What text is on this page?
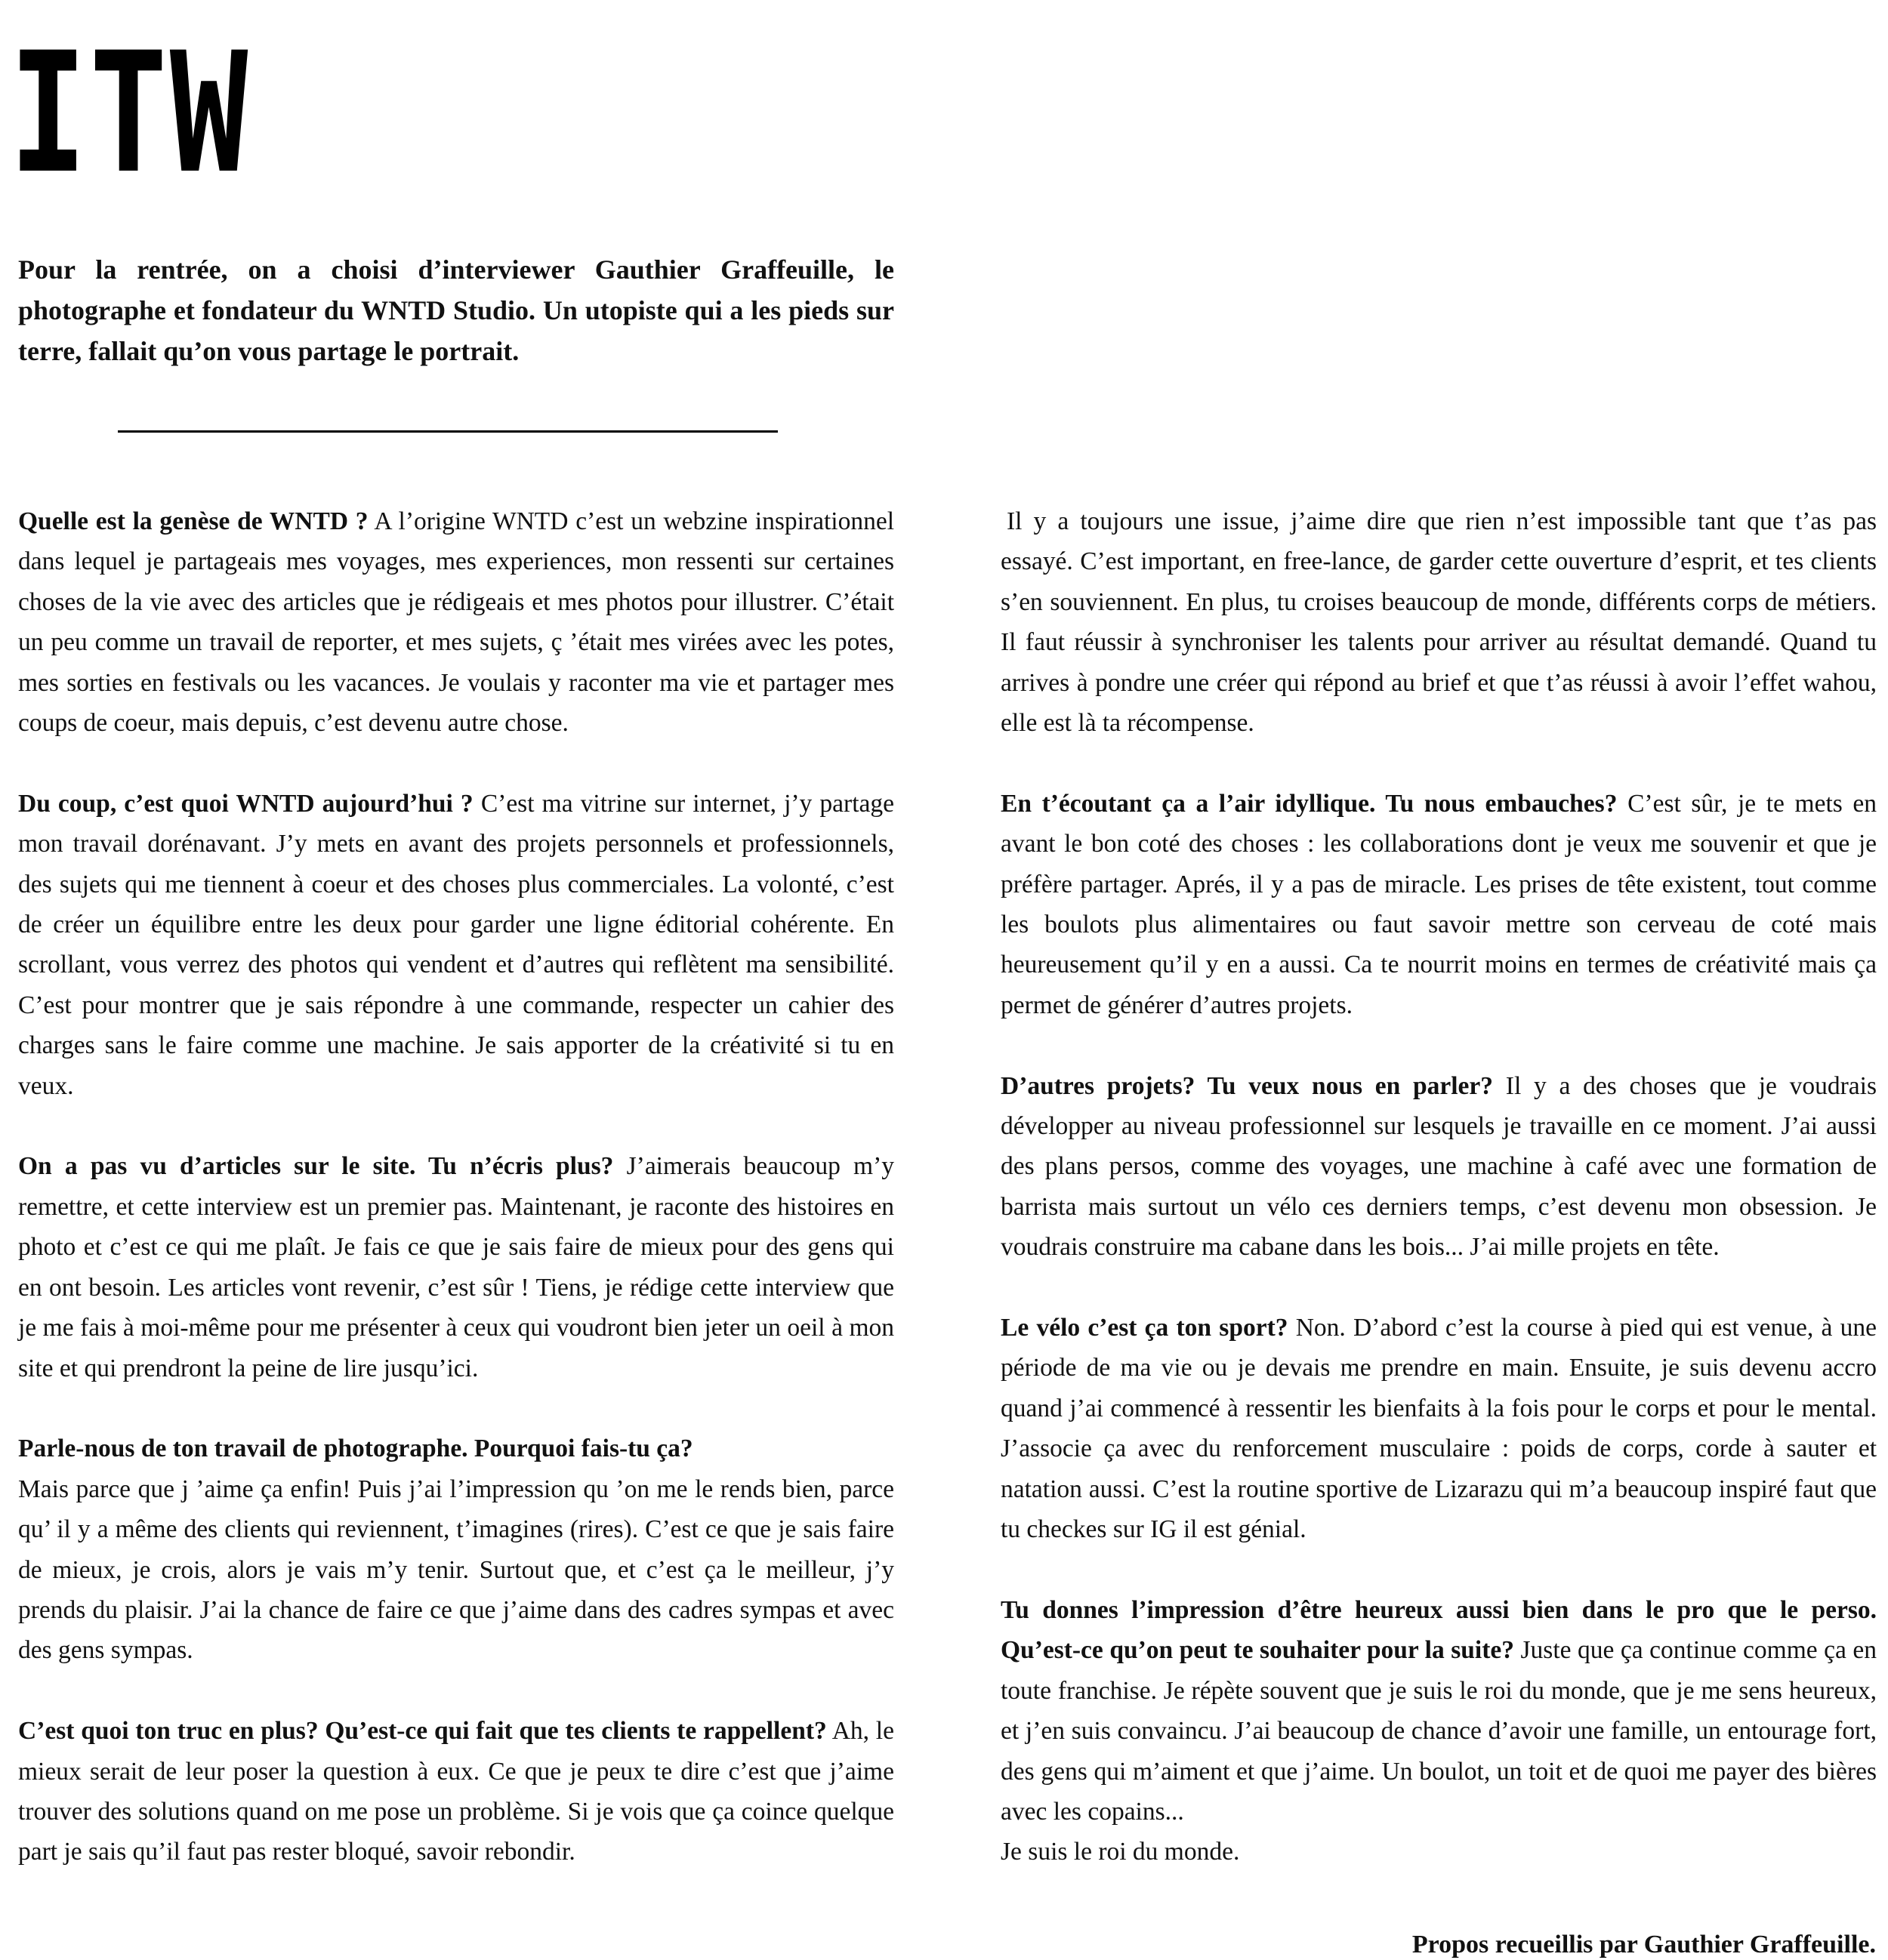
ITW

Pour la rentrée, on a choisi d’interviewer Gauthier Graffeuille, le photographe et fondateur du WNTD Studio. Un utopiste qui a les pieds sur terre, fallait qu’on vous partage le portrait.

Quelle est la genèse de WNTD ? A l’origine WNTD c’est un webzine inspirationnel dans lequel je partageais mes voyages, mes experiences, mon ressenti sur certaines choses de la vie avec des articles que je rédigeais et mes photos pour illustrer. C’était un peu comme un travail de reporter, et mes sujets, ç ’était mes virées avec les potes, mes sorties en festivals ou les vacances. Je voulais y raconter ma vie et partager mes coups de coeur, mais depuis, c’est devenu autre chose.

Du coup, c’est quoi WNTD aujourd’hui ? C’est ma vitrine sur internet, j’y partage mon travail dorénavant. J’y mets en avant des projets personnels et professionnels, des sujets qui me tiennent à coeur et des choses plus commerciales. La volonté, c’est de créer un équilibre entre les deux pour garder une ligne éditorial cohérente. En scrollant, vous verrez des photos qui vendent et d’autres qui reflètent ma sensibilité. C’est pour montrer que je sais répondre à une commande, respecter un cahier des charges sans le faire comme une machine. Je sais apporter de la créativité si tu en veux.

On a pas vu d’articles sur le site. Tu n’écris plus? J’aimerais beaucoup m’y remettre, et cette interview est un premier pas. Maintenant, je raconte des histoires en photo et c’est ce qui me plaît. Je fais ce que je sais faire de mieux pour des gens qui en ont besoin. Les articles vont revenir, c’est sûr ! Tiens, je rédige cette interview que je me fais à moi-même pour me présenter à ceux qui voudront bien jeter un oeil à mon site et qui prendront la peine de lire jusqu’ici.

Parle-nous de ton travail de photographe. Pourquoi fais-tu ça?
Mais parce que j ’aime ça enfin! Puis j’ai l’impression qu ’on me le rends bien, parce qu’ il y a même des clients qui reviennent, t’imagines (rires). C’est ce que je sais faire de mieux, je crois, alors je vais m’y tenir. Surtout que, et c’est ça le meilleur, j’y prends du plaisir. J’ai la chance de faire ce que j’aime dans des cadres sympas et avec des gens sympas.

C’est quoi ton truc en plus? Qu’est-ce qui fait que tes clients te rappellent? Ah, le mieux serait de leur poser la question à eux. Ce que je peux te dire c’est que j’aime trouver des solutions quand on me pose un problème. Si je vois que ça coince quelque part je sais qu’il faut pas rester bloqué, savoir rebondir.

Il y a toujours une issue, j’aime dire que rien n’est impossible tant que t’as pas essayé. C’est important, en free-lance, de garder cette ouverture d’esprit, et tes clients s’en souviennent. En plus, tu croises beaucoup de monde, différents corps de métiers. Il faut réussir à synchroniser les talents pour arriver au résultat demandé. Quand tu arrives à pondre une créer qui répond au brief et que t’as réussi à avoir l’effet wahou, elle est là ta récompense.

En t’écoutant ça a l’air idyllique. Tu nous embauches? C’est sûr, je te mets en avant le bon coté des choses : les collaborations dont je veux me souvenir et que je préfère partager. Aprés, il y a pas de miracle. Les prises de tête existent, tout comme les boulots plus alimentaires ou faut savoir mettre son cerveau de coté mais heureusement qu’il y en a aussi. Ca te nourrit moins en termes de créativité mais ça permet de générer d’autres projets.

D’autres projets? Tu veux nous en parler? Il y a des choses que je voudrais développer au niveau professionnel sur lesquels je travaille en ce moment. J’ai aussi des plans persos, comme des voyages, une machine à café avec une formation de barrista mais surtout un vélo ces derniers temps, c’est devenu mon obsession. Je voudrais construire ma cabane dans les bois... J’ai mille projets en tête.

Le vélo c’est ça ton sport? Non. D’abord c’est la course à pied qui est venue, à une période de ma vie ou je devais me prendre en main. Ensuite, je suis devenu accro quand j’ai commencé à ressentir les bienfaits à la fois pour le corps et pour le mental. J’associe ça avec du renforcement musculaire : poids de corps, corde à sauter et natation aussi. C’est la routine sportive de Lizarazu qui m’a beaucoup inspiré faut que tu checkes sur IG il est génial.

Tu donnes l’impression d’être heureux aussi bien dans le pro que le perso. Qu’est-ce qu’on peut te souhaiter pour la suite? Juste que ça continue comme ça en toute franchise. Je répète souvent que je suis le roi du monde, que je me sens heureux, et j’en suis convaincu. J’ai beaucoup de chance d’avoir une famille, un entourage fort, des gens qui m’aiment et que j’aime. Un boulot, un toit et de quoi me payer des bières avec les copains...
Je suis le roi du monde.

Propos recueillis par Gauthier Graffeuille.
